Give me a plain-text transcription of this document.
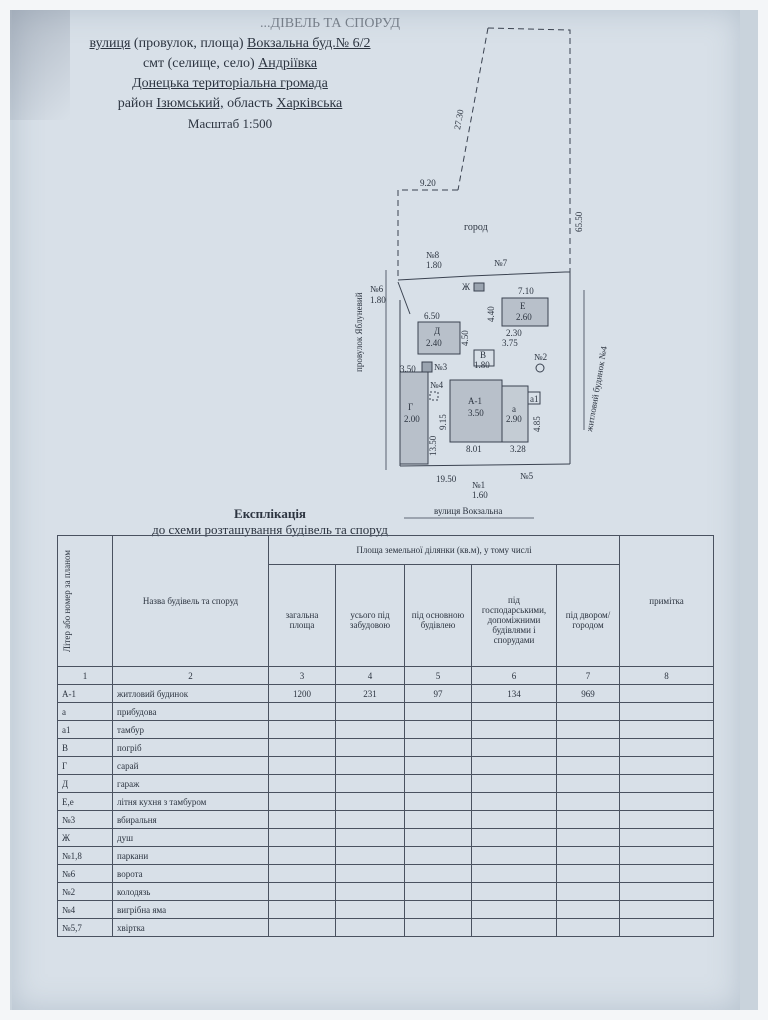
...ДІВЕЛЬ ТА СПОРУД
вулиця (провулок, площа) Вокзальна буд.№ 6/2
смт (селище, село) Андріївка
Донецька територіальна громада
район Ізюмський, область Харківська
Масштаб 1:500	27.30
9.20
65.50
город
№8
1.80	№7
№6
1.80
провулок Яблуневий
житловий будинок №4
вулиця Вокзальна
Ж
Е
2.60
7.10
4.40
2.30
3.75
6.50
4.50
Д
2.40
В
1.80
№2
3.50 №3
№4
Г
2.00
А-1
3.50	а
2.90
а1
9.15	4.85
13.50	8.01	3.28
№5
19.50
№1
1.60
Експлікація
до схеми розташування будівель та споруд
Літер або номер за планом	Назва будівель та споруд	Площа земельної ділянки (кв.м), у тому числі					примітка
		загальна площа	усього під забудовою	під основною будівлею	під господарськими, допоміжними будівлями і спорудами	під двором/ городом	
1	2	3	4	5	6	7	8
А-1	житловий будинок	1200	231	97	134	969	
а	прибудова						
а1	тамбур						
В	погріб						
Г	сарай						
Д	гараж						
Е,е	літня кухня з тамбуром						
№3	вбиральня						
Ж	душ						
№1,8	паркани						
№6	ворота						
№2	колодязь						
№4	вигрібна яма						
№5,7	хвіртка						
